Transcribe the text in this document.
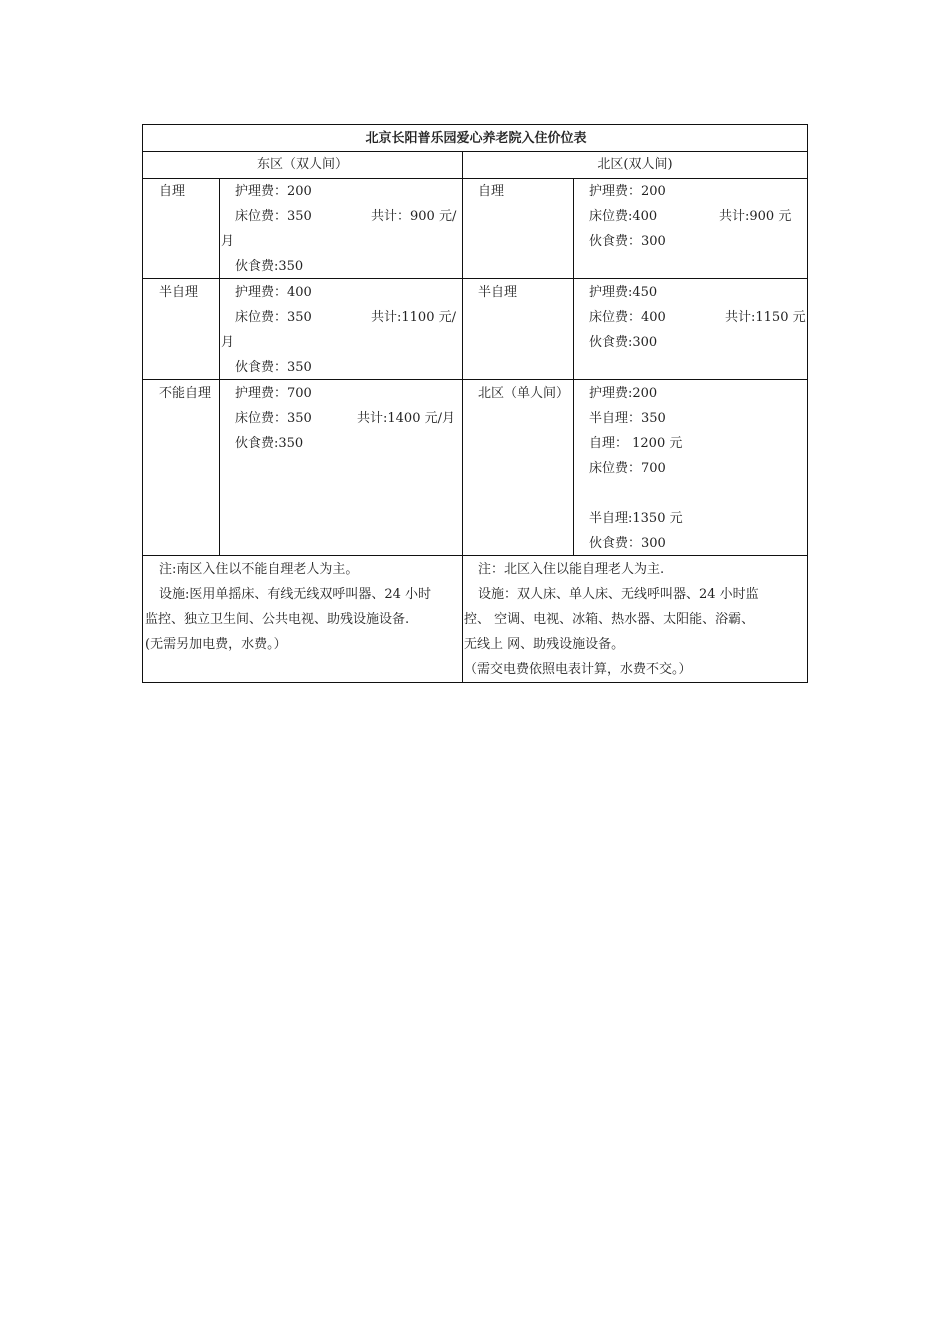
北京长阳普乐园爱心养老院入住价位表
东区（双人间）	北区(双人间)
自理	护理费：200
床位费：350	共计：900 元/
月
伙食费:350
自理	护理费：200
床位费:400	共计:900 元
伙食费：300
半自理	护理费：400
床位费：350	共计:1100 元/
月
伙食费：350
半自理	护理费:450
床位费：400	共计:1150 元
伙食费:300
不能自理 护理费：700
床位费：350	共计:1400 元/月
伙食费:350
北区（单人间） 护理费:200
半自理：350
自理： 1200 元
床位费：700
半自理:1350 元
伙食费：300
注:南区入住以不能自理老人为主。
设施:医用单摇床、有线无线双呼叫器、24 小时
监控、独立卫生间、公共电视、助残设施设备.
(无需另加电费，水费。）
注：北区入住以能自理老人为主.
设施：双人床、单人床、无线呼叫器、24 小时监
控、 空调、电视、冰箱、热水器、太阳能、浴霸、
无线上 网、助残设施设备。
（需交电费依照电表计算，水费不交。）
